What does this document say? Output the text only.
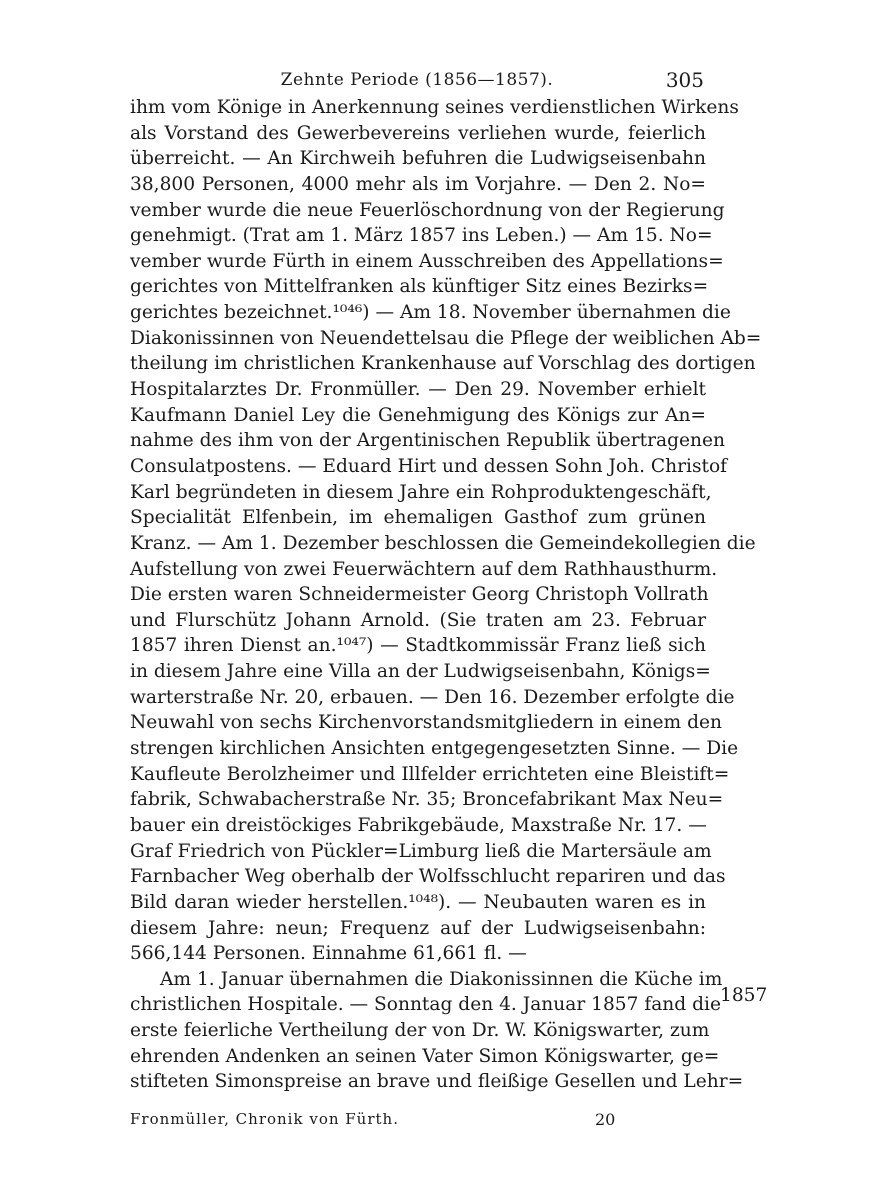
Zehnte Periode (1856—1857).	305
ihm vom Könige in Anerkennung seines verdienstlichen Wirkens
als Vorstand des Gewerbevereins verliehen wurde, feierlich
überreicht. — An Kirchweih befuhren die Ludwigseisenbahn
38,800 Personen, 4000 mehr als im Vorjahre. — Den 2. No=
vember wurde die neue Feuerlöschordnung von der Regierung
genehmigt. (Trat am 1. März 1857 ins Leben.) — Am 15. No=
vember wurde Fürth in einem Ausschreiben des Appellations=
gerichtes von Mittelfranken als künftiger Sitz eines Bezirks=
gerichtes bezeichnet.¹⁰⁴⁶) — Am 18. November übernahmen die
Diakonissinnen von Neuendettelsau die Pflege der weiblichen Ab=
theilung im christlichen Krankenhause auf Vorschlag des dortigen
Hospitalarztes Dr. Fronmüller. — Den 29. November erhielt
Kaufmann Daniel Ley die Genehmigung des Königs zur An=
nahme des ihm von der Argentinischen Republik übertragenen
Consulatpostens. — Eduard Hirt und dessen Sohn Joh. Christof
Karl begründeten in diesem Jahre ein Rohproduktengeschäft,
Specialität Elfenbein, im ehemaligen Gasthof zum grünen
Kranz. — Am 1. Dezember beschlossen die Gemeindekollegien die
Aufstellung von zwei Feuerwächtern auf dem Rathhausthurm.
Die ersten waren Schneidermeister Georg Christoph Vollrath
und Flurschütz Johann Arnold. (Sie traten am 23. Februar
1857 ihren Dienst an.¹⁰⁴⁷) — Stadtkommissär Franz ließ sich
in diesem Jahre eine Villa an der Ludwigseisenbahn, Königs=
warterstraße Nr. 20, erbauen. — Den 16. Dezember erfolgte die
Neuwahl von sechs Kirchenvorstandsmitgliedern in einem den
strengen kirchlichen Ansichten entgegengesetzten Sinne. — Die
Kaufleute Berolzheimer und Illfelder errichteten eine Bleistift=
fabrik, Schwabacherstraße Nr. 35; Broncefabrikant Max Neu=
bauer ein dreistöckiges Fabrikgebäude, Maxstraße Nr. 17. —
Graf Friedrich von Pückler=Limburg ließ die Martersäule am
Farnbacher Weg oberhalb der Wolfsschlucht repariren und das
Bild daran wieder herstellen.¹⁰⁴⁸). — Neubauten waren es in
diesem Jahre: neun; Frequenz auf der Ludwigseisenbahn:
566,144 Personen. Einnahme 61,661 fl. —
Am 1. Januar übernahmen die Diakonissinnen die Küche im
christlichen Hospitale. — Sonntag den 4. Januar 1857 fand die
erste feierliche Vertheilung der von Dr. W. Königswarter, zum
ehrenden Andenken an seinen Vater Simon Königswarter, ge=
stifteten Simonspreise an brave und fleißige Gesellen und Lehr=
1857
Fronmüller, Chronik von Fürth.	20
